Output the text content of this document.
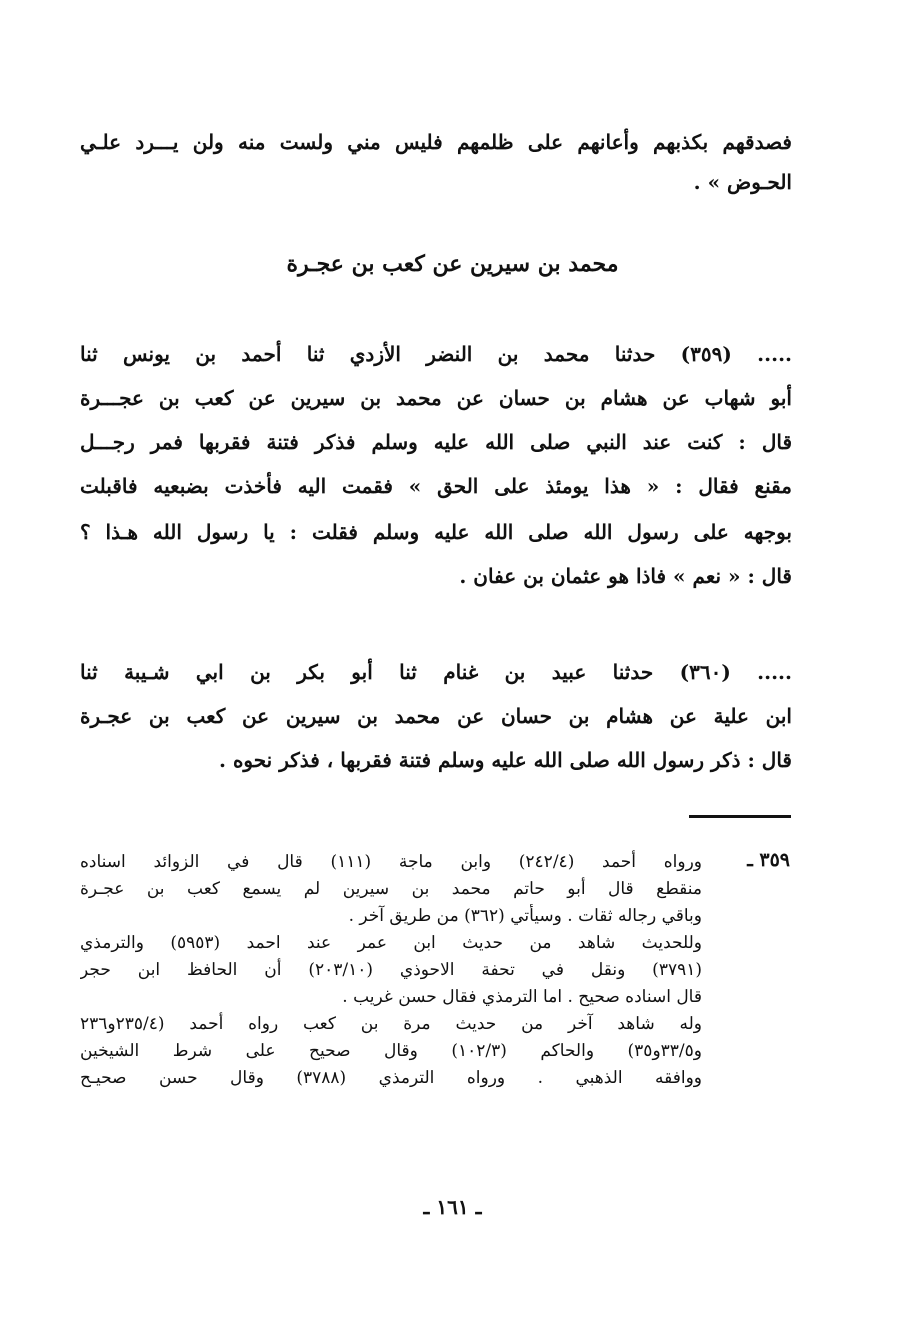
فصدقهم بكذبهم وأعانهم على ظلمهم فليس مني ولست منه ولن يـــرد علـي
الحـوض » .
محمد بن سيرين عن كعب بن عجـرة
..... (٣٥٩) حدثنا محمد بن النضر الأزدي ثنا أحمد بن يونس ثنا
أبو شهاب عن هشام بن حسان عن محمد بن سيرين عن كعب بن عجـــرة
قال : كنت عند النبي صلى الله عليه وسلم فذكر فتنة فقربها فمر رجـــل
مقنع فقال : « هذا يومئذ على الحق » فقمت اليه فأخذت بضبعيه فاقبلت
بوجهه على رسول الله صلى الله عليه وسلم فقلت : يا رسول الله هـذا ؟
قال : « نعم » فاذا هو عثمان بن عفان .
..... (٣٦٠) حدثنا عبيد بن غنام ثنا أبو بكر بن ابي شـيبة ثنا
ابن علية عن هشام بن حسان عن محمد بن سيرين عن كعب بن عجـرة
قال : ذكر رسول الله صلى الله عليه وسلم فتنة فقربها ، فذكر نحوه .
٣٥٩ ـ
ورواه أحمد (٢٤٢/٤) وابن ماجة (١١١) قال في الزوائد اسناده
منقطع قال أبو حاتم محمد بن سيرين لم يسمع كعب بن عجـرة
وباقي رجاله ثقات . وسيأتي (٣٦٢) من طريق آخر .
وللحديث شاهد من حديث ابن عمر عند احمد (٥٩٥٣) والترمذي
(٣٧٩١) ونقل في تحفة الاحوذي (٢٠٣/١٠) أن الحافظ ابن حجر
قال اسناده صحيح . اما الترمذي فقال حسن غريب .
وله شاهد آخر من حديث مرة بن كعب رواه أحمد (٢٣٥/٤و٢٣٦
و٣٣/٥و٣٥) والحاكم (١٠٢/٣) وقال صحيح على شرط الشيخين
ووافقه الذهبي . ورواه الترمذي (٣٧٨٨) وقال حسن صحيـح
ـ ١٦١ ـ
